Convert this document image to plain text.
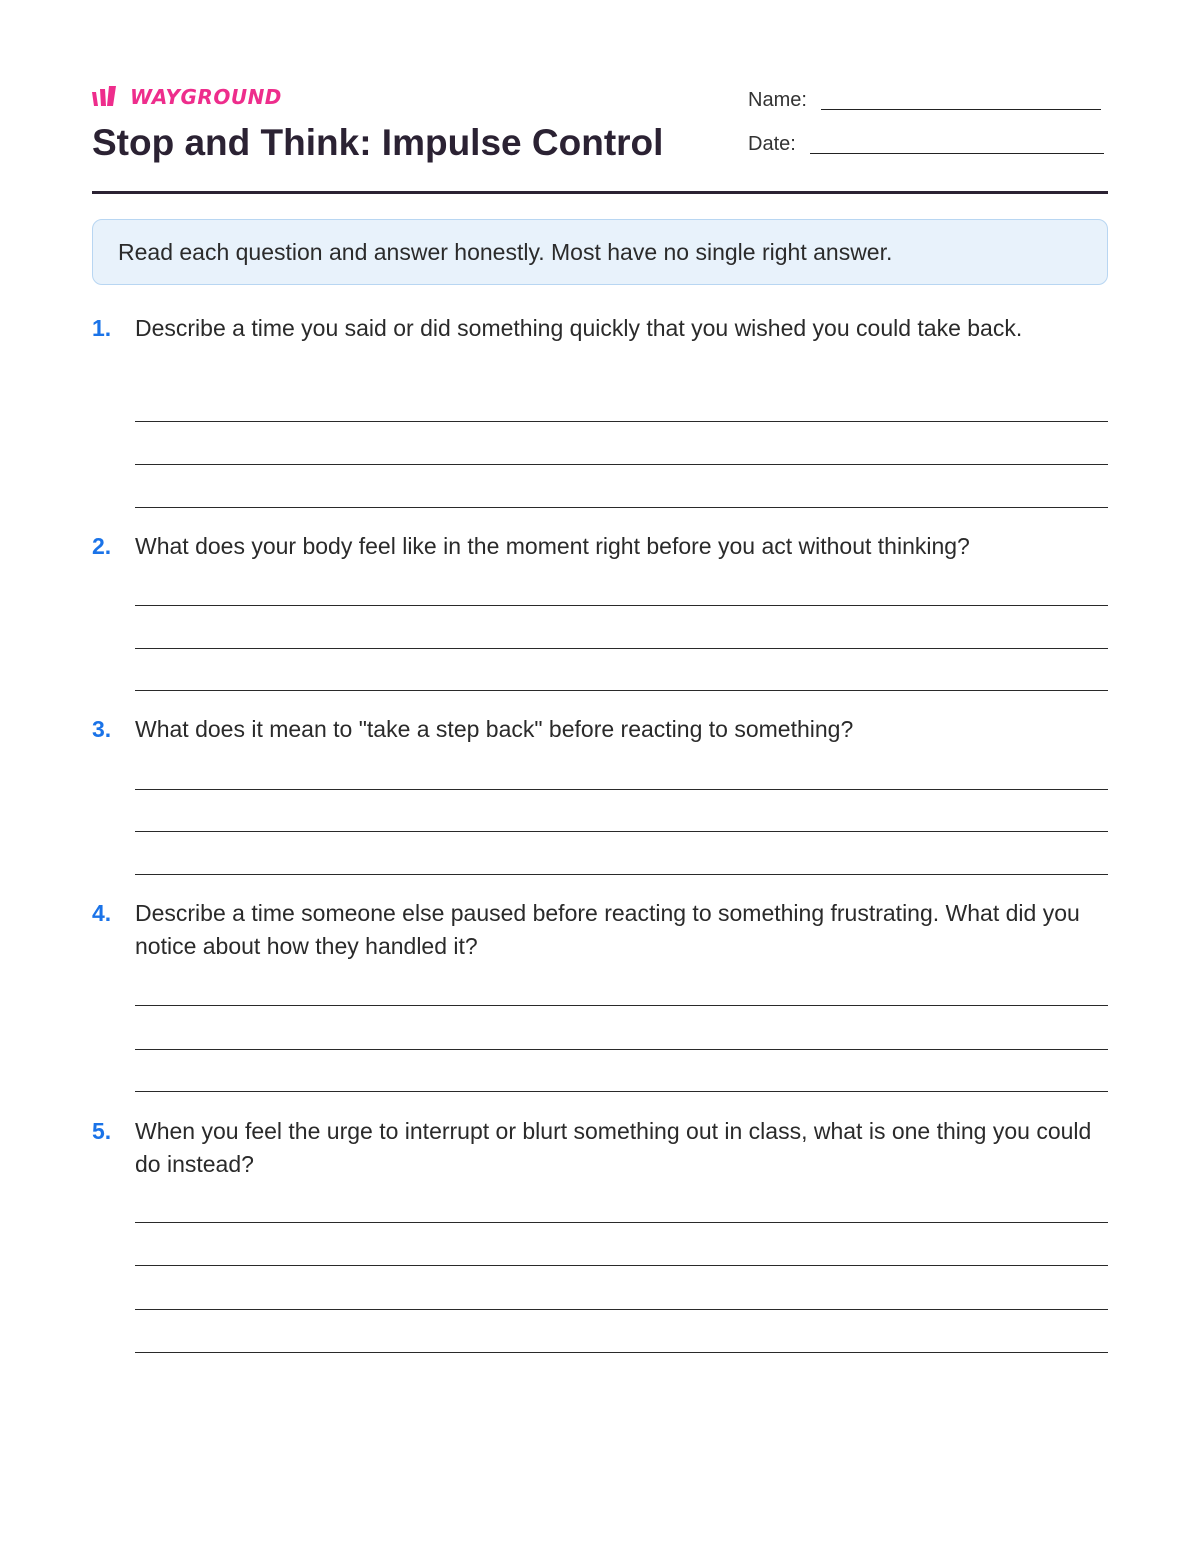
WAYGROUND
Stop and Think: Impulse Control
Name:
Date:
Read each question and answer honestly. Most have no single right answer.
1. Describe a time you said or did something quickly that you wished you could take back.
2. What does your body feel like in the moment right before you act without thinking?
3. What does it mean to "take a step back" before reacting to something?
4. Describe a time someone else paused before reacting to something frustrating. What did you notice about how they handled it?
5. When you feel the urge to interrupt or blurt something out in class, what is one thing you could do instead?
